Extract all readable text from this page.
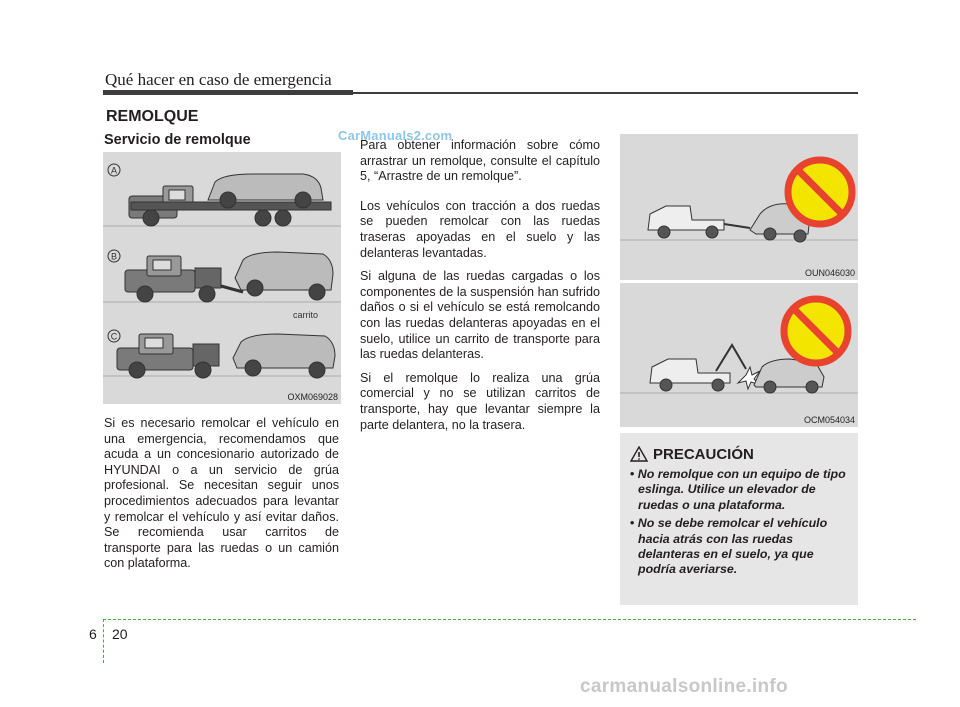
Qué hacer en caso de emergencia
REMOLQUE
Servicio de remolque
A
B
C
carrito
OXM069028
CarManuals2.com

Si es necesario remolcar el vehículo en una emergencia, recomendamos que acuda a un concesionario autorizado de HYUNDAI o a un servicio de grúa profesional. Se necesitan seguir unos procedimientos adecuados para levantar y remolcar el vehículo y así evitar daños. Se recomienda usar carritos de transporte para las ruedas o un camión con plataforma.

Para obtener información sobre cómo arrastrar un remolque, consulte el capítulo 5, “Arrastre de un remolque”.

Los vehículos con tracción a dos ruedas se pueden remolcar con las ruedas traseras apoyadas en el suelo y las delanteras levantadas.

Si alguna de las ruedas cargadas o los componentes de la suspensión han sufrido daños o si el vehículo se está remolcando con las ruedas delanteras apoyadas en el suelo, utilice un carrito de transporte para las ruedas delanteras.

Si el remolque lo realiza una grúa comercial y no se utilizan carritos de transporte, hay que levantar siempre la parte delantera, no la trasera.

OUN046030
OCM054034
PRECAUCIÓN
• No remolque con un equipo de tipo eslinga. Utilice un elevador de ruedas o una plataforma.
• No se debe remolcar el vehículo hacia atrás con las ruedas delanteras en el suelo, ya que podría averiarse.
6 20
carmanualsonline.info
